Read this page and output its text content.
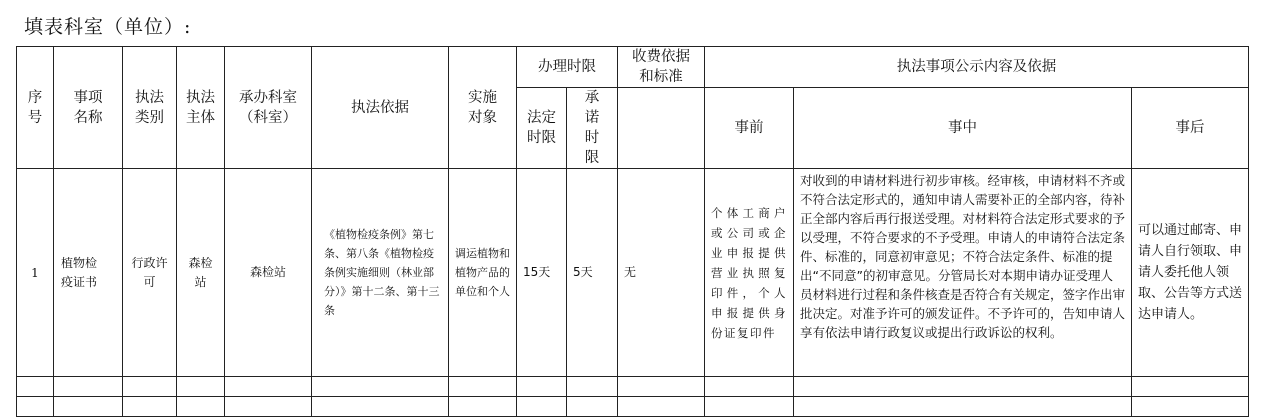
填表科室（单位）:
序号	事项名称	执法类别	执法主体	承办科室（科室）	执法依据	实施对象	办理时限		收费依据和标准	执法事项公示内容及依据		
							法定时限	承诺时限		事前	事中	事后
1	植物检疫证书	行政许可	森检站	森检站	《植物检疫条例》第七条、第八条《植物检疫条例实施细则（林业部分）》第十二条、第十三条	调运植物和植物产品的单位和个人	15天	5天	无	个体工商户或公司或企业申报提供营业执照复印件，个人申报提供身份证复印件	对收到的申请材料进行初步审核。经审核，申请材料不齐或不符合法定形式的，通知申请人需要补正的全部内容，待补正全部内容后再行报送受理。对材料符合法定形式要求的予以受理，不符合要求的不予受理。申请人的申请符合法定条件、标准的，同意初审意见；不符合法定条件、标准的提出“不同意”的初审意见。分管局长对本期申请办证受理人员材料进行过程和条件核查是否符合有关规定，签字作出审批决定。对准予许可的颁发证件。不予许可的，告知申请人享有依法申请行政复议或提出行政诉讼的权利。	可以通过邮寄、申请人自行领取、申请人委托他人领取、公告等方式送达申请人。
